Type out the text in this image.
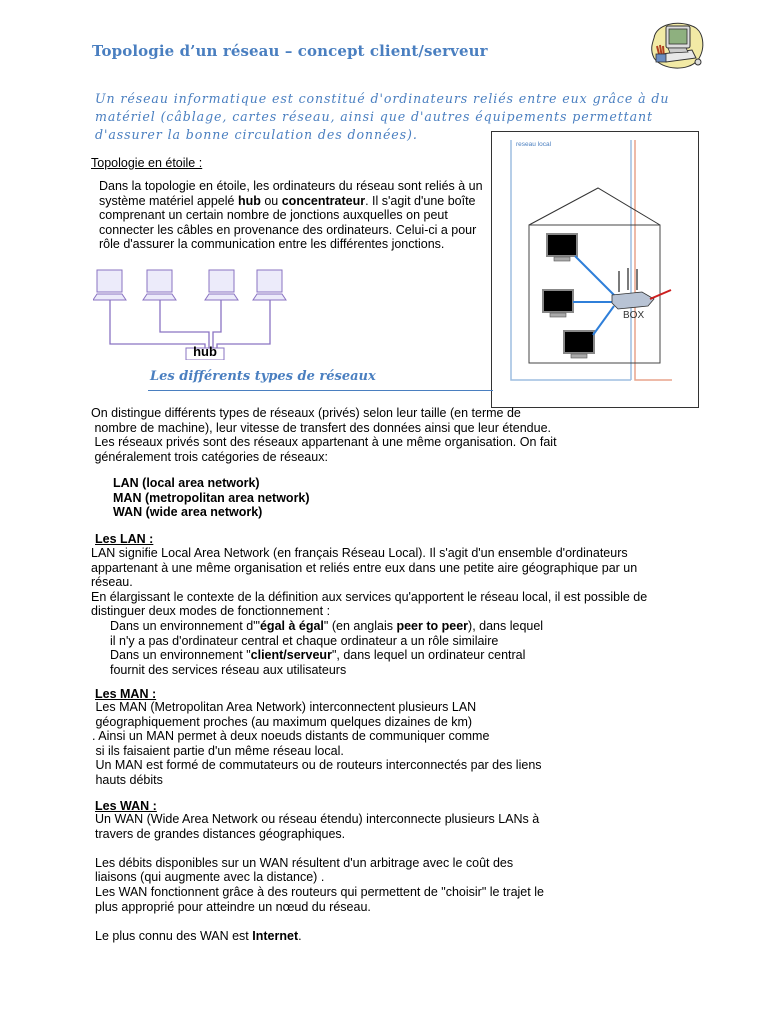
Topologie d’un réseau – concept client/serveur
Un réseau informatique est constitué d'ordinateurs reliés entre eux grâce à du matériel (câblage, cartes réseau, ainsi que d'autres équipements permettant d'assurer la bonne circulation des données).
Topologie en étoile :
Dans la topologie en étoile, les ordinateurs du réseau sont reliés à un système matériel appelé hub ou concentrateur. Il s'agit d'une boîte comprenant un certain nombre de jonctions auxquelles on peut connecter les câbles en provenance des ordinateurs. Celui-ci a pour rôle d'assurer la communication entre les différentes jonctions.
hub
reseau local
BOX
Les différents types de réseaux
On distingue différents types de réseaux (privés) selon leur taille (en terme de
nombre de machine), leur vitesse de transfert des données ainsi que leur étendue.
Les réseaux privés sont des réseaux appartenant à une même organisation. On fait
généralement trois catégories de réseaux:
LAN (local area network)
MAN (metropolitan area network)
WAN (wide area network)
Les LAN :
LAN signifie Local Area Network (en français Réseau Local). Il s'agit d'un ensemble d'ordinateurs
appartenant à une même organisation et reliés entre eux dans une petite aire géographique par un
réseau.
En élargissant le contexte de la définition aux services qu'apportent le réseau local, il est possible de
distinguer deux modes de fonctionnement :
Dans un environnement d'"égal à égal" (en anglais peer to peer), dans lequel
il n'y a pas d'ordinateur central et chaque ordinateur a un rôle similaire
Dans un environnement "client/serveur", dans lequel un ordinateur central
fournit des services réseau aux utilisateurs
Les MAN :
Les MAN (Metropolitan Area Network) interconnectent plusieurs LAN
géographiquement proches (au maximum quelques dizaines de km)
. Ainsi un MAN permet à deux noeuds distants de communiquer comme
si ils faisaient partie d'un même réseau local.
Un MAN est formé de commutateurs ou de routeurs interconnectés par des liens
hauts débits
Les WAN :
Un WAN (Wide Area Network ou réseau étendu) interconnecte plusieurs LANs à
travers de grandes distances géographiques.
Les débits disponibles sur un WAN résultent d'un arbitrage avec le coût des
liaisons (qui augmente avec la distance) .
Les WAN fonctionnent grâce à des routeurs qui permettent de "choisir" le trajet le
plus approprié pour atteindre un nœud du réseau.
Le plus connu des WAN est Internet.
